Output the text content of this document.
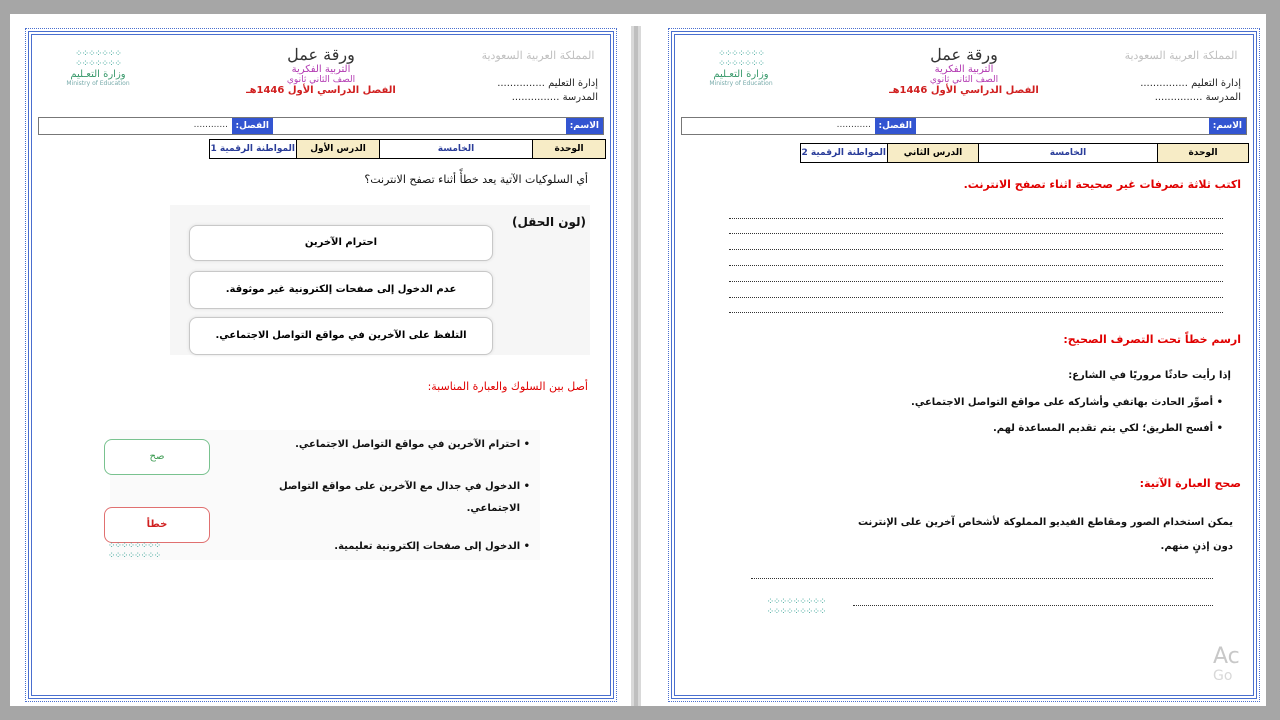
المملكة العربية السعودية
إدارة التعليم ...............
المدرسة ...............
ورقة عمل
التربية الفكرية
الصف الثاني ثانوي
الفصل الدراسي الأول 1446هـ
⁘⁘⁘⁘⁘⁘⁘
⁘⁘⁘⁘⁘⁘⁘
وزارة التعـليم
Ministry of Education
الاسم:
الفصل:
............
الوحدة	الخامسة	الدرس الأول	المواطنة الرقمية 1
أي السلوكيات الآتية يعد خطأً أثناء تصفح الانترنت؟
(لون الحقل)
احترام الآخرين
عدم الدخول إلى صفحات إلكترونية غير موثوقة.
التلفظ على الآخرين في مواقع التواصل الاجتماعي.
أصل بين السلوك والعبارة المناسبة:
• احترام الآخرين في مواقع التواصل الاجتماعي.
• الدخول في جدال مع الآخرين على مواقع التواصل
الاجتماعي.
• الدخول إلى صفحات إلكترونية تعليمية.
صح
خطأ
⁘⁘⁘⁘⁘⁘⁘⁘
⁘⁘⁘⁘⁘⁘⁘⁘
المملكة العربية السعودية
إدارة التعليم ...............
المدرسة ...............
ورقة عمل
التربية الفكرية
الصف الثاني ثانوي
الفصل الدراسي الأول 1446هـ
⁘⁘⁘⁘⁘⁘⁘
⁘⁘⁘⁘⁘⁘⁘
وزارة التعـليم
Ministry of Education
الاسم:
الفصل:
............
الوحدة	الخامسة	الدرس الثاني	المواطنة الرقمية 2
اكتب ثلاثة تصرفات غير صحيحة اثناء تصفح الانترنت.
ارسم خطاً تحت التصرف الصحيح:
إذا رأيت حادثًا مروريًا في الشارع:
• أصوِّر الحادث بهاتفي وأشاركه على مواقع التواصل الاجتماعي.
• أفسح الطريق؛ لكي يتم تقديم المساعدة لهم.
صحح العبارة الآتية:
يمكن استخدام الصور ومقاطع الفيديو المملوكة لأشخاص آخرين على الإنترنت
دون إذنٍ منهم.
⁘⁘⁘⁘⁘⁘⁘⁘⁘
⁘⁘⁘⁘⁘⁘⁘⁘⁘
Ac
Go
